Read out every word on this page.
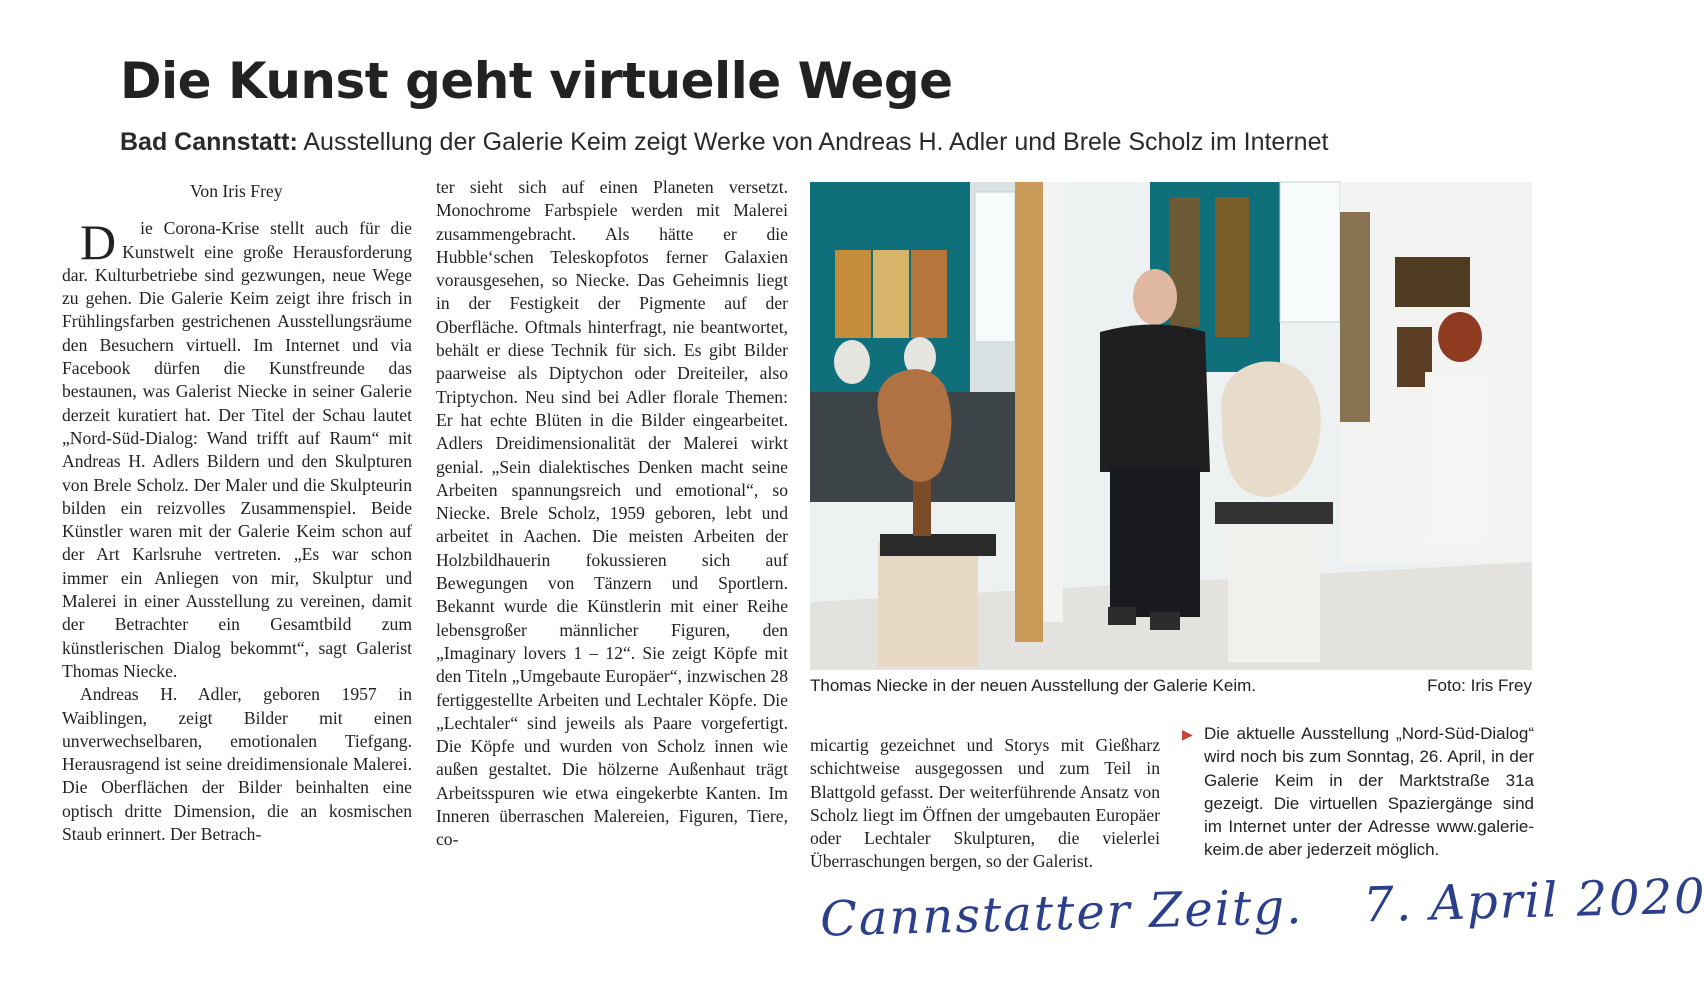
Die Kunst geht virtuelle Wege
Bad Cannstatt: Ausstellung der Galerie Keim zeigt Werke von Andreas H. Adler und Brele Scholz im Internet

Von Iris Frey

D ie Corona-Krise stellt auch für die Kunstwelt eine große Herausforderung dar. Kulturbetriebe sind gezwungen, neue Wege zu gehen. Die Galerie Keim zeigt ihre frisch in Frühlingsfarben gestrichenen Ausstellungsräume den Besuchern virtuell. Im Internet und via Facebook dürfen die Kunstfreunde das bestaunen, was Galerist Niecke in seiner Galerie derzeit kuratiert hat. Der Titel der Schau lautet „Nord-Süd-Dialog: Wand trifft auf Raum“ mit Andreas H. Adlers Bildern und den Skulpturen von Brele Scholz. Der Maler und die Skulpteurin bilden ein reizvolles Zusammenspiel. Beide Künstler waren mit der Galerie Keim schon auf der Art Karlsruhe vertreten. „Es war schon immer ein Anliegen von mir, Skulptur und Malerei in einer Ausstellung zu vereinen, damit der Betrachter ein Gesamtbild zum künstlerischen Dialog bekommt“, sagt Galerist Thomas Niecke.

Andreas H. Adler, geboren 1957 in Waiblingen, zeigt Bilder mit einen unverwechselbaren, emotionalen Tiefgang. Herausragend ist seine dreidimensionale Malerei. Die Oberflächen der Bilder beinhalten eine optisch dritte Dimension, die an kosmischen Staub erinnert. Der Betrach-

ter sieht sich auf einen Planeten versetzt. Monochrome Farbspiele werden mit Malerei zusammengebracht. Als hätte er die Hubble‘schen Teleskopfotos ferner Galaxien vorausgesehen, so Niecke. Das Geheimnis liegt in der Festigkeit der Pigmente auf der Oberfläche. Oftmals hinterfragt, nie beantwortet, behält er diese Technik für sich. Es gibt Bilder paarweise als Diptychon oder Dreiteiler, also Triptychon. Neu sind bei Adler florale Themen: Er hat echte Blüten in die Bilder eingearbeitet. Adlers Dreidimensionalität der Malerei wirkt genial. „Sein dialektisches Denken macht seine Arbeiten spannungsreich und emotional“, so Niecke. Brele Scholz, 1959 geboren, lebt und arbeitet in Aachen. Die meisten Arbeiten der Holzbildhauerin fokussieren sich auf Bewegungen von Tänzern und Sportlern. Bekannt wurde die Künstlerin mit einer Reihe lebensgroßer männlicher Figuren, den „Imaginary lovers 1 – 12“. Sie zeigt Köpfe mit den Titeln „Umgebaute Europäer“, inzwischen 28 fertiggestellte Arbeiten und Lechtaler Köpfe. Die „Lechtaler“ sind jeweils als Paare vorgefertigt. Die Köpfe und wurden von Scholz innen wie außen gestaltet. Die hölzerne Außenhaut trägt Arbeitsspuren wie etwa eingekerbte Kanten. Im Inneren überraschen Malereien, Figuren, Tiere, co-

Thomas Niecke in der neuen Ausstellung der Galerie Keim.	Foto: Iris Frey

micartig gezeichnet und Storys mit Gießharz schichtweise ausgegossen und zum Teil in Blattgold gefasst. Der weiterführende Ansatz von Scholz liegt im Öffnen der umgebauten Europäer oder Lechtaler Skulpturen, die vielerlei Überraschungen bergen, so der Galerist.

▶ Die aktuelle Ausstellung „Nord-Süd-Dialog“ wird noch bis zum Sonntag, 26. April, in der Galerie Keim in der Marktstraße 31a gezeigt. Die virtuellen Spaziergänge sind im Internet unter der Adresse www.galerie-keim.de aber jederzeit möglich.
Cannstatter Zeitg. 7. April 2020
